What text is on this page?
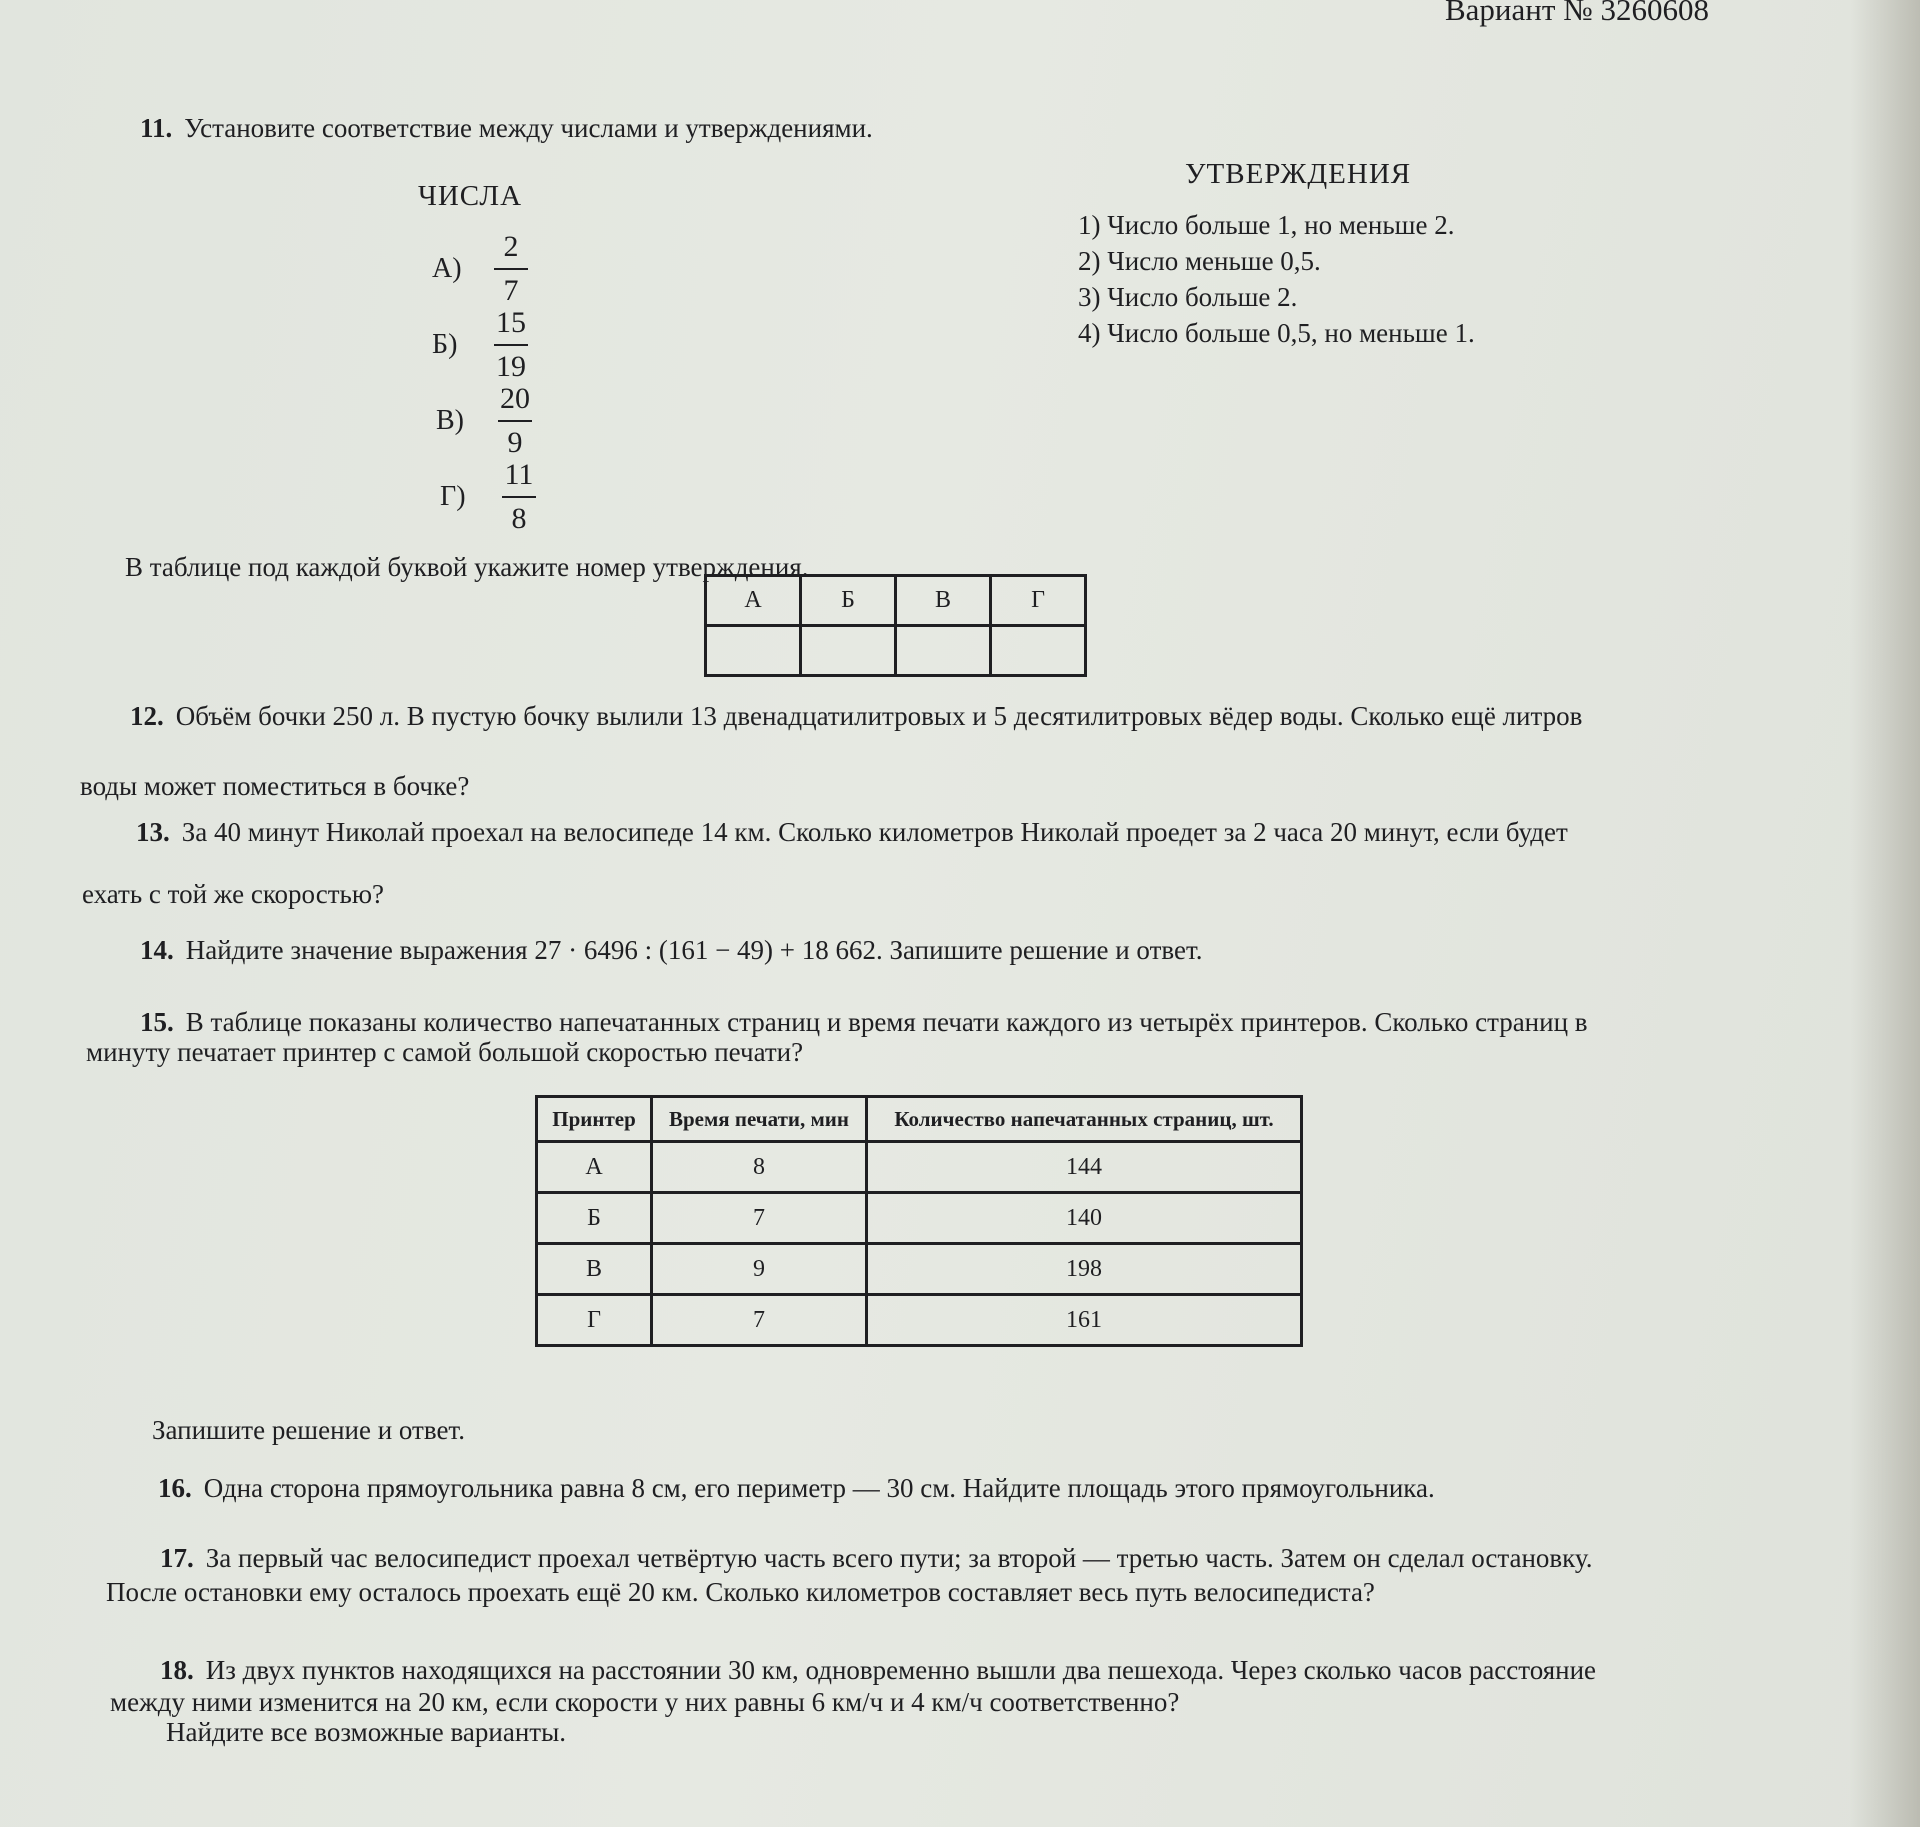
Вариант № 3260608
11. Установите соответствие между числами и утверждениями.
ЧИСЛА
УТВЕРЖДЕНИЯ
А)	$\frac{2}{7}$
Б)	$\frac{15}{19}$
В)	$\frac{20}{9}$
Г)	$\frac{11}{8}$
1) Число больше 1, но меньше 2.
2) Число меньше 0,5.
3) Число больше 2.
4) Число больше 0,5, но меньше 1.
В таблице под каждой буквой укажите номер утверждения.
А	Б	В	Г

12. Объём бочки 250 л. В пустую бочку вылили 13 двенадцатилитровых и 5 десятилитровых вёдер воды. Сколько ещё литров
воды может поместиться в бочке?
13. За 40 минут Николай проехал на велосипеде 14 км. Сколько километров Николай проедет за 2 часа 20 минут, если будет
ехать с той же скоростью?
14. Найдите значение выражения 27 · 6496 : (161 − 49) + 18 662. Запишите решение и ответ.
15. В таблице показаны количество напечатанных страниц и время печати каждого из четырёх принтеров. Сколько страниц в
минуту печатает принтер с самой большой скоростью печати?
Принтер	Время печати, мин	Количество напечатанных страниц, шт.
А	8	144
Б	7	140
В	9	198
Г	7	161
Запишите решение и ответ.
16. Одна сторона прямоугольника равна 8 см, его периметр — 30 см. Найдите площадь этого прямоугольника.
17. За первый час велосипедист проехал четвёртую часть всего пути; за второй — третью часть. Затем он сделал остановку.
После остановки ему осталось проехать ещё 20 км. Сколько километров составляет весь путь велосипедиста?
18. Из двух пунктов находящихся на расстоянии 30 км, одновременно вышли два пешехода. Через сколько часов расстояние
между ними изменится на 20 км, если скорости у них равны 6 км/ч и 4 км/ч соответственно?
Найдите все возможные варианты.
